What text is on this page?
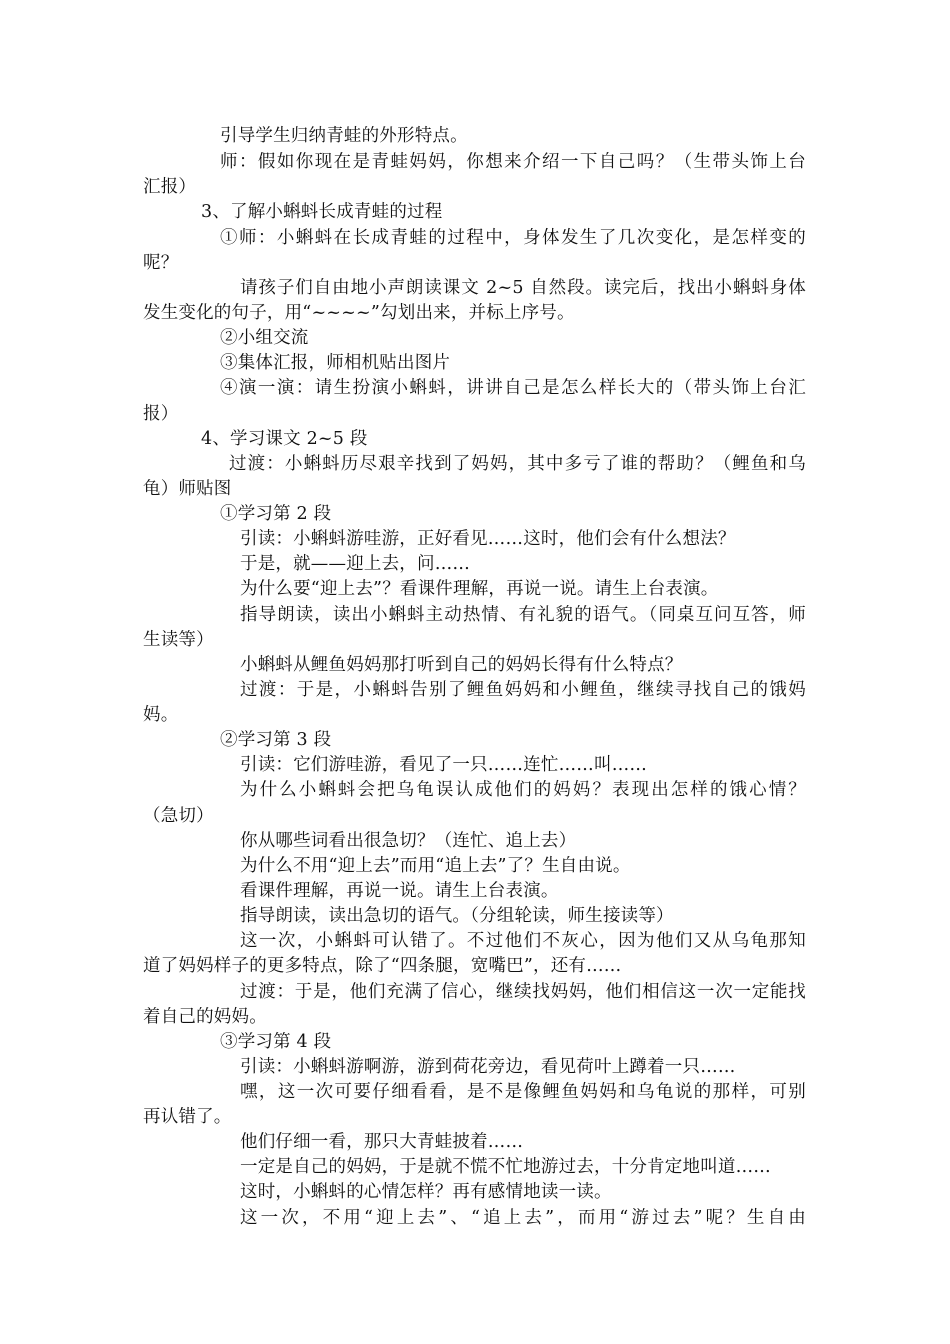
引导学生归纳青蛙的外形特点。
师：假如你现在是青蛙妈妈，你想来介绍一下自己吗？（生带头饰上台
汇报）
3、了解小蝌蚪长成青蛙的过程
①师：小蝌蚪在长成青蛙的过程中，身体发生了几次变化，是怎样变的
呢？
请孩子们自由地小声朗读课文 2~5 自然段。读完后，找出小蝌蚪身体
发生变化的句子，用“~~~~”勾划出来，并标上序号。
②小组交流
③集体汇报，师相机贴出图片
④演一演：请生扮演小蝌蚪，讲讲自己是怎么样长大的（带头饰上台汇
报）
4、学习课文 2~5 段
过渡：小蝌蚪历尽艰辛找到了妈妈，其中多亏了谁的帮助？（鲤鱼和乌
龟）师贴图
①学习第 2 段
引读：小蝌蚪游哇游，正好看见……这时，他们会有什么想法？
于是，就——迎上去，问……
为什么要“迎上去”？看课件理解，再说一说。请生上台表演。
指导朗读，读出小蝌蚪主动热情、有礼貌的语气。（同桌互问互答，师
生读等）
小蝌蚪从鲤鱼妈妈那打听到自己的妈妈长得有什么特点？
过渡：于是，小蝌蚪告别了鲤鱼妈妈和小鲤鱼，继续寻找自己的饿妈
妈。
②学习第 3 段
引读：它们游哇游，看见了一只……连忙……叫……
为什么小蝌蚪会把乌龟误认成他们的妈妈？表现出怎样的饿心情？
（急切）
你从哪些词看出很急切？（连忙、追上去）
为什么不用“迎上去”而用“追上去”了？生自由说。
看课件理解，再说一说。请生上台表演。
指导朗读，读出急切的语气。（分组轮读，师生接读等）
这一次，小蝌蚪可认错了。不过他们不灰心，因为他们又从乌龟那知
道了妈妈样子的更多特点，除了“四条腿，宽嘴巴”，还有……
过渡：于是，他们充满了信心，继续找妈妈，他们相信这一次一定能找
着自己的妈妈。
③学习第 4 段
引读：小蝌蚪游啊游，游到荷花旁边，看见荷叶上蹲着一只……
嘿，这一次可要仔细看看，是不是像鲤鱼妈妈和乌龟说的那样，可别
再认错了。
他们仔细一看，那只大青蛙披着……
一定是自己的妈妈，于是就不慌不忙地游过去，十分肯定地叫道……
这时，小蝌蚪的心情怎样？再有感情地读一读。
这一次，不用“迎上去”、“追上去”，而用“游过去”呢？生自由
